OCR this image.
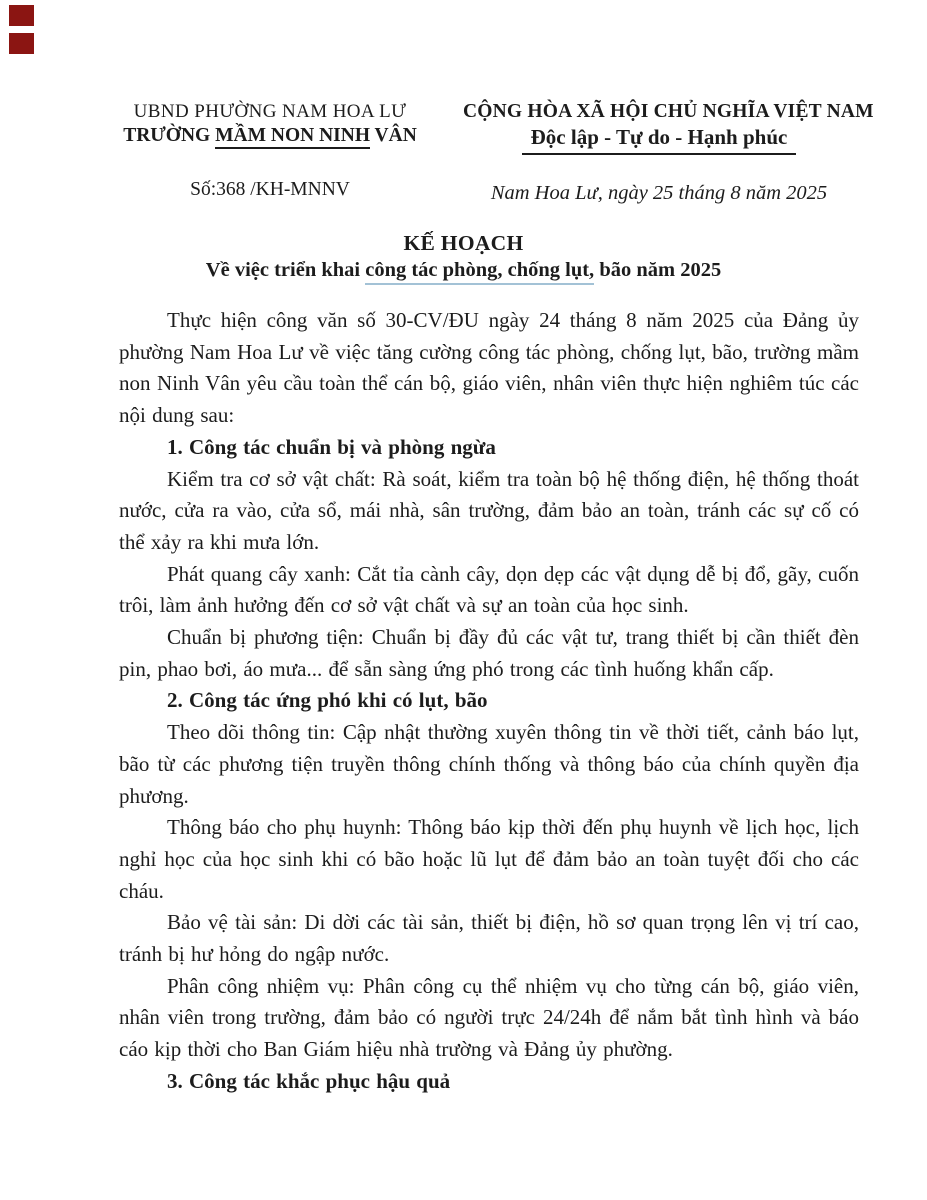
UBND PHƯỜNG NAM HOA LƯ
TRƯỜNG MẦM NON NINH VÂN
Số:368 /KH-MNNV
CỘNG HÒA XÃ HỘI CHỦ NGHĨA VIỆT NAM
Độc lập - Tự do - Hạnh phúc
Nam Hoa Lư, ngày 25 tháng 8 năm 2025
KẾ HOẠCH
Về việc triển khai công tác phòng, chống lụt, bão năm 2025

Thực hiện công văn số 30-CV/ĐU ngày 24 tháng 8 năm 2025 của Đảng ủy phường Nam Hoa Lư về việc tăng cường công tác phòng, chống lụt, bão, trường mầm non Ninh Vân yêu cầu toàn thể cán bộ, giáo viên, nhân viên thực hiện nghiêm túc các nội dung sau:

1. Công tác chuẩn bị và phòng ngừa

Kiểm tra cơ sở vật chất: Rà soát, kiểm tra toàn bộ hệ thống điện, hệ thống thoát nước, cửa ra vào, cửa sổ, mái nhà, sân trường, đảm bảo an toàn, tránh các sự cố có thể xảy ra khi mưa lớn.

Phát quang cây xanh: Cắt tỉa cành cây, dọn dẹp các vật dụng dễ bị đổ, gãy, cuốn trôi, làm ảnh hưởng đến cơ sở vật chất và sự an toàn của học sinh.

Chuẩn bị phương tiện: Chuẩn bị đầy đủ các vật tư, trang thiết bị cần thiết đèn pin, phao bơi, áo mưa... để sẵn sàng ứng phó trong các tình huống khẩn cấp.

2. Công tác ứng phó khi có lụt, bão

Theo dõi thông tin: Cập nhật thường xuyên thông tin về thời tiết, cảnh báo lụt, bão từ các phương tiện truyền thông chính thống và thông báo của chính quyền địa phương.

Thông báo cho phụ huynh: Thông báo kịp thời đến phụ huynh về lịch học, lịch nghỉ học của học sinh khi có bão hoặc lũ lụt để đảm bảo an toàn tuyệt đối cho các cháu.

Bảo vệ tài sản: Di dời các tài sản, thiết bị điện, hồ sơ quan trọng lên vị trí cao, tránh bị hư hỏng do ngập nước.

Phân công nhiệm vụ: Phân công cụ thể nhiệm vụ cho từng cán bộ, giáo viên, nhân viên trong trường, đảm bảo có người trực 24/24h để nắm bắt tình hình và báo cáo kịp thời cho Ban Giám hiệu nhà trường và Đảng ủy phường.

3. Công tác khắc phục hậu quả
